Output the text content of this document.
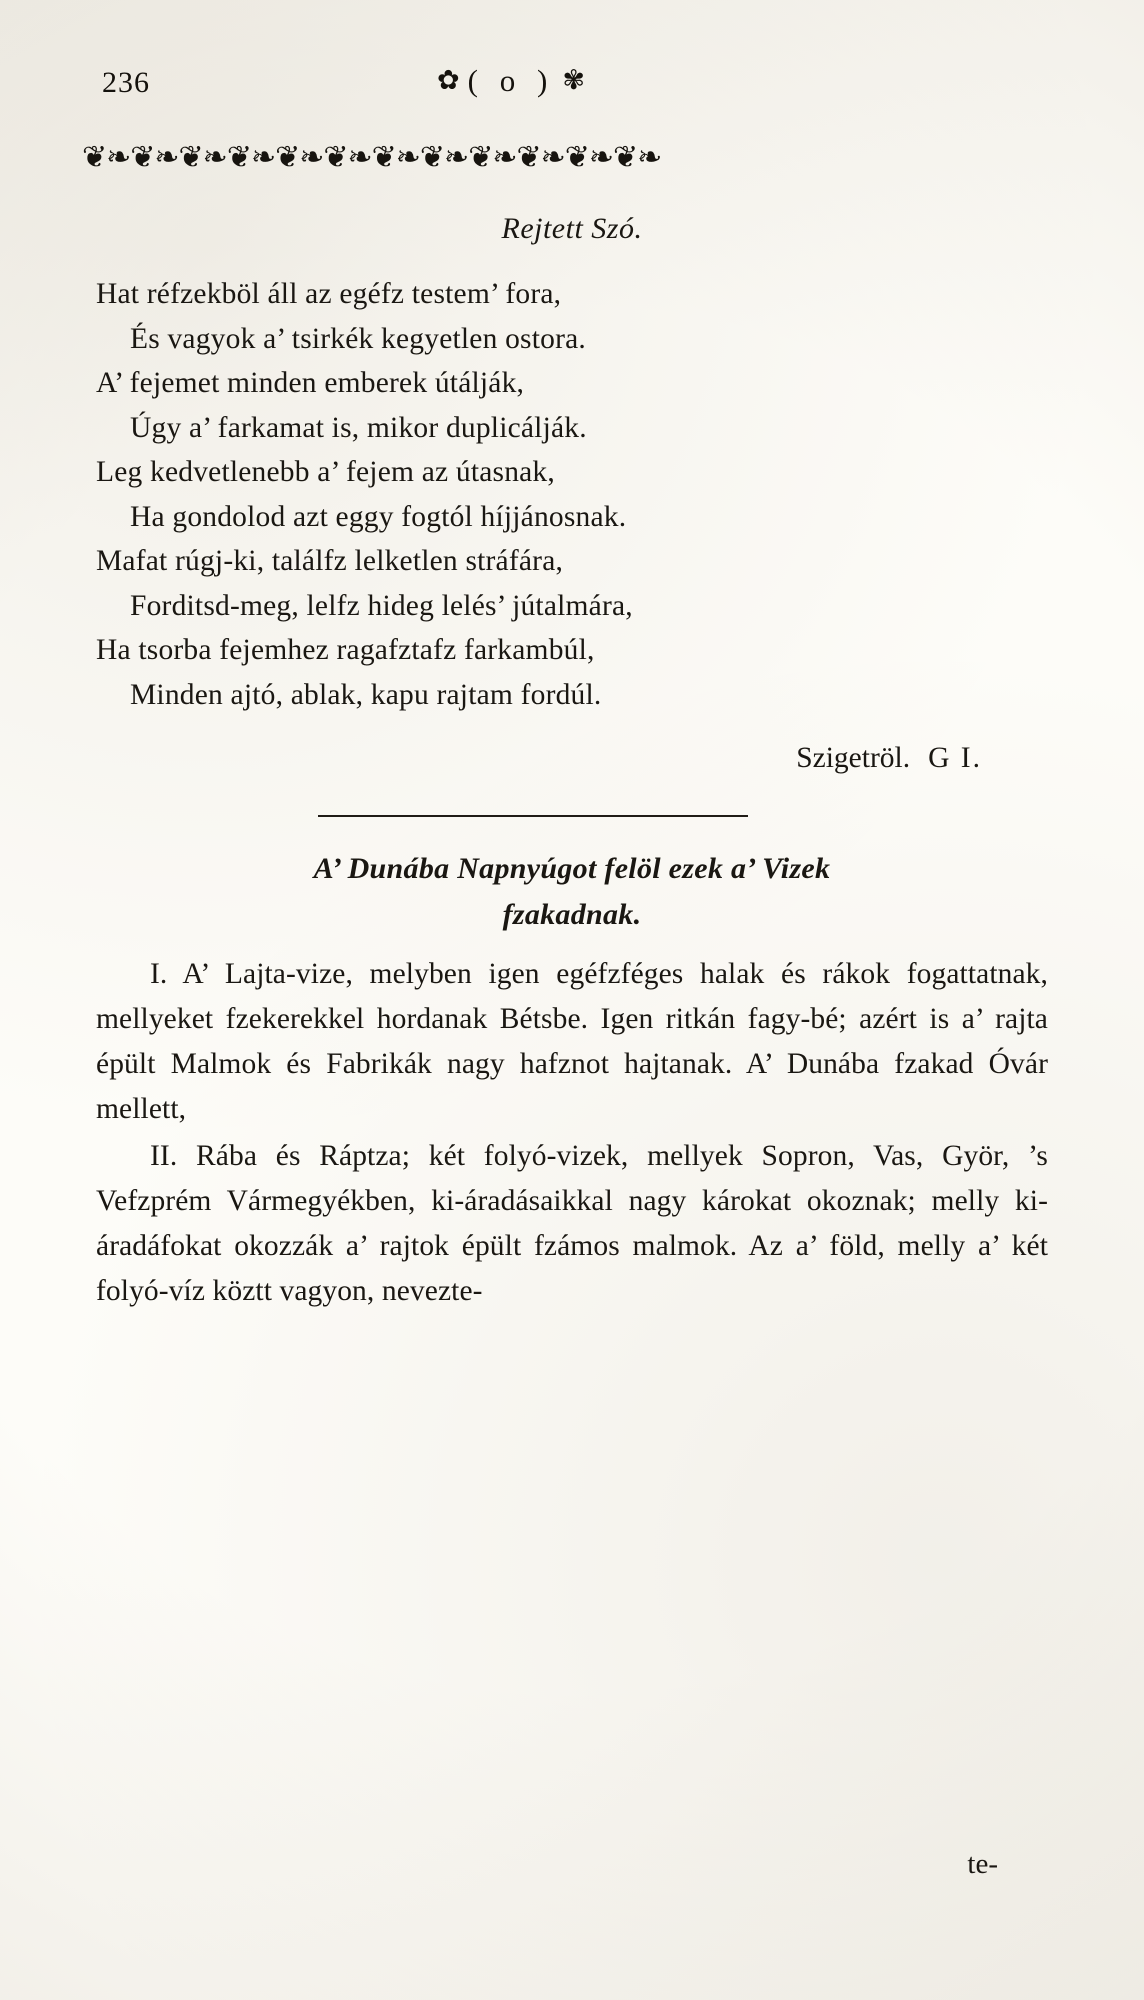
236	✿ ( o ) ✾
❦❧❦❧❦❧❦❧❦❧❦❧❦❧❦❧❦❧❦❧❦❧❦❧
Rejtett Szó.
Hat réfzekböl áll az egéfz testem’ fora,
És vagyok a’ tsirkék kegyetlen ostora.
A’ fejemet minden emberek útálják,
Úgy a’ farkamat is, mikor duplicálják.
Leg kedvetlenebb a’ fejem az útasnak,
Ha gondolod azt eggy fogtól híjjánosnak.
Mafat rúgj-ki, találfz lelketlen stráfára,
Forditsd-meg, lelfz hideg lelés’ jútalmára,
Ha tsorba fejemhez ragafztafz farkambúl,
Minden ajtó, ablak, kapu rajtam fordúl.
Szigetröl. G I.
A’ Dunába Napnyúgot felöl ezek a’ Vizek
fzakadnak.

I. A’ Lajta-vize, melyben igen egéfzféges halak és rákok fogattatnak, mellyeket fzekerekkel hordanak Bétsbe. Igen ritkán fagy-bé; azért is a’ rajta épült Malmok és Fabrikák nagy hafznot hajtanak. A’ Dunába fzakad Óvár mellett,

II. Rába és Ráptza; két folyó-vizek, mellyek Sopron, Vas, Györ, ’s Vefzprém Vármegyékben, ki-áradásaikkal nagy károkat okoznak; melly ki-áradáfokat okozzák a’ rajtok épült fzámos malmok. Az a’ föld, melly a’ két folyó-víz köztt vagyon, nevezte-

te-
